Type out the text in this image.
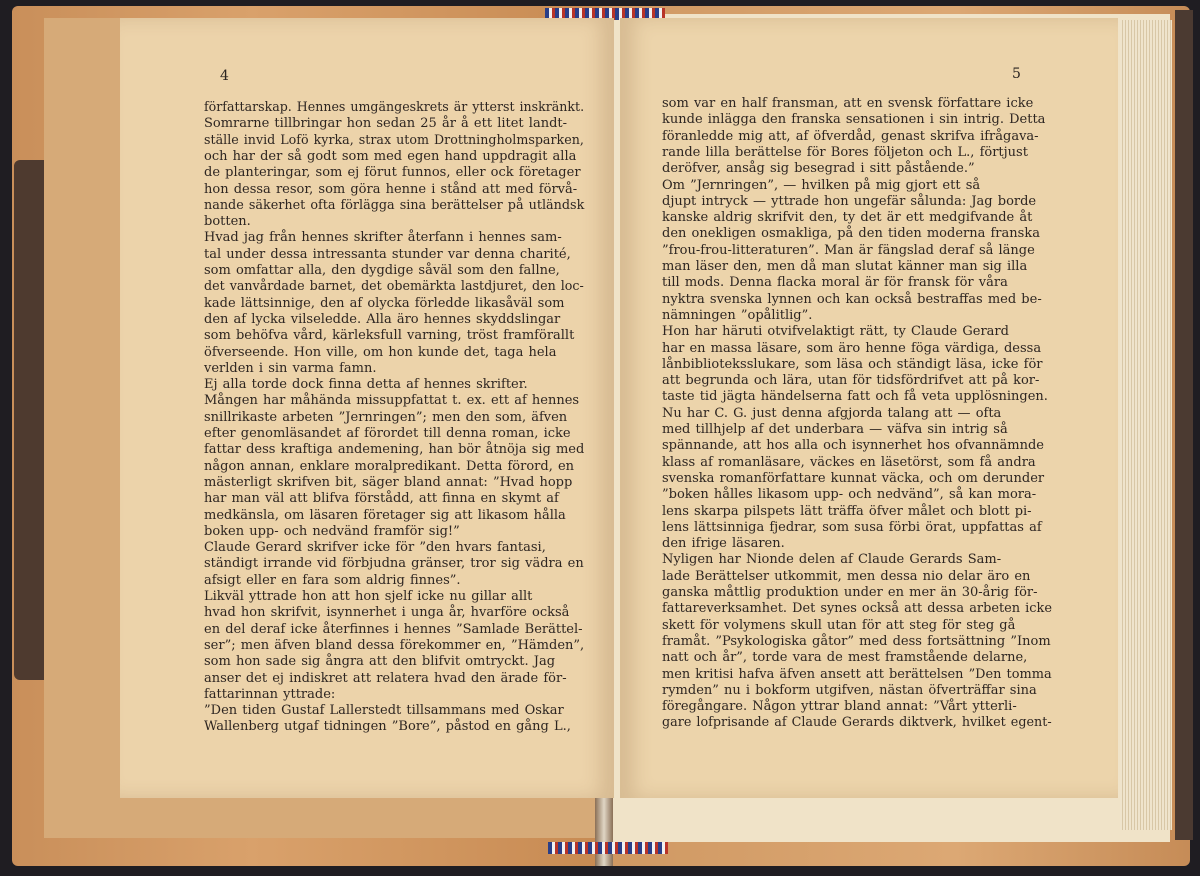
4
författarskap. Hennes umgängeskrets är ytterst inskränkt.
Somrarne tillbringar hon sedan 25 år å ett litet landt-
ställe invid Lofö kyrka, strax utom Drottningholmsparken,
och har der så godt som med egen hand uppdragit alla
de planteringar, som ej förut funnos, eller ock företager
hon dessa resor, som göra henne i stånd att med förvå-
nande säkerhet ofta förlägga sina berättelser på utländsk
botten.
Hvad jag från hennes skrifter återfann i hennes sam-
tal under dessa intressanta stunder var denna charité,
som omfattar alla, den dygdige såväl som den fallne,
det vanvårdade barnet, det obemärkta lastdjuret, den loc-
kade lättsinnige, den af olycka förledde likasåväl som
den af lycka vilseledde. Alla äro hennes skyddslingar
som behöfva vård, kärleksfull varning, tröst framförallt
öfverseende. Hon ville, om hon kunde det, taga hela
verlden i sin varma famn.
Ej alla torde dock finna detta af hennes skrifter.
Mången har måhända missuppfattat t. ex. ett af hennes
snillrikaste arbeten ”Jernringen”; men den som, äfven
efter genomläsandet af förordet till denna roman, icke
fattar dess kraftiga andemening, han bör åtnöja sig med
någon annan, enklare moralpredikant. Detta förord, en
mästerligt skrifven bit, säger bland annat: ”Hvad hopp
har man väl att blifva förstådd, att finna en skymt af
medkänsla, om läsaren företager sig att likasom hålla
boken upp- och nedvänd framför sig!”
Claude Gerard skrifver icke för ”den hvars fantasi,
ständigt irrande vid förbjudna gränser, tror sig vädra en
afsigt eller en fara som aldrig finnes”.
Likväl yttrade hon att hon sjelf icke nu gillar allt
hvad hon skrifvit, isynnerhet i unga år, hvarföre också
en del deraf icke återfinnes i hennes ”Samlade Berättel-
ser”; men äfven bland dessa förekommer en, ”Hämden”,
som hon sade sig ångra att den blifvit omtryckt. Jag
anser det ej indiskret att relatera hvad den ärade för-
fattarinnan yttrade:
”Den tiden Gustaf Lallerstedt tillsammans med Oskar
Wallenberg utgaf tidningen ”Bore”, påstod en gång L.,
5
som var en half fransman, att en svensk författare icke
kunde inlägga den franska sensationen i sin intrig. Detta
föranledde mig att, af öfverdåd, genast skrifva ifrågava-
rande lilla berättelse för Bores följeton och L., förtjust
deröfver, ansåg sig besegrad i sitt påstående.”
Om ”Jernringen”, — hvilken på mig gjort ett så
djupt intryck — yttrade hon ungefär sålunda: Jag borde
kanske aldrig skrifvit den, ty det är ett medgifvande åt
den onekligen osmakliga, på den tiden moderna franska
”frou-frou-litteraturen”. Man är fängslad deraf så länge
man läser den, men då man slutat känner man sig illa
till mods. Denna flacka moral är för fransk för våra
nyktra svenska lynnen och kan också bestraffas med be-
nämningen ”opålitlig”.
Hon har häruti otvifvelaktigt rätt, ty Claude Gerard
har en massa läsare, som äro henne föga värdiga, dessa
lånbiblioteksslukare, som läsa och ständigt läsa, icke för
att begrunda och lära, utan för tidsfördrifvet att på kor-
taste tid jägta händelserna fatt och få veta upplösningen.
Nu har C. G. just denna afgjorda talang att — ofta
med tillhjelp af det underbara — väfva sin intrig så
spännande, att hos alla och isynnerhet hos ofvannämnde
klass af romanläsare, väckes en läsetörst, som få andra
svenska romanförfattare kunnat väcka, och om derunder
”boken hålles likasom upp- och nedvänd”, så kan mora-
lens skarpa pilspets lätt träffa öfver målet och blott pi-
lens lättsinniga fjedrar, som susa förbi örat, uppfattas af
den ifrige läsaren.
Nyligen har Nionde delen af Claude Gerards Sam-
lade Berättelser utkommit, men dessa nio delar äro en
ganska måttlig produktion under en mer än 30-årig för-
fattareverksamhet. Det synes också att dessa arbeten icke
skett för volymens skull utan för att steg för steg gå
framåt. ”Psykologiska gåtor” med dess fortsättning ”Inom
natt och år”, torde vara de mest framstående delarne,
men kritisi hafva äfven ansett att berättelsen ”Den tomma
rymden” nu i bokform utgifven, nästan öfverträffar sina
föregångare. Någon yttrar bland annat: ”Vårt ytterli-
gare lofprisande af Claude Gerards diktverk, hvilket egent-
